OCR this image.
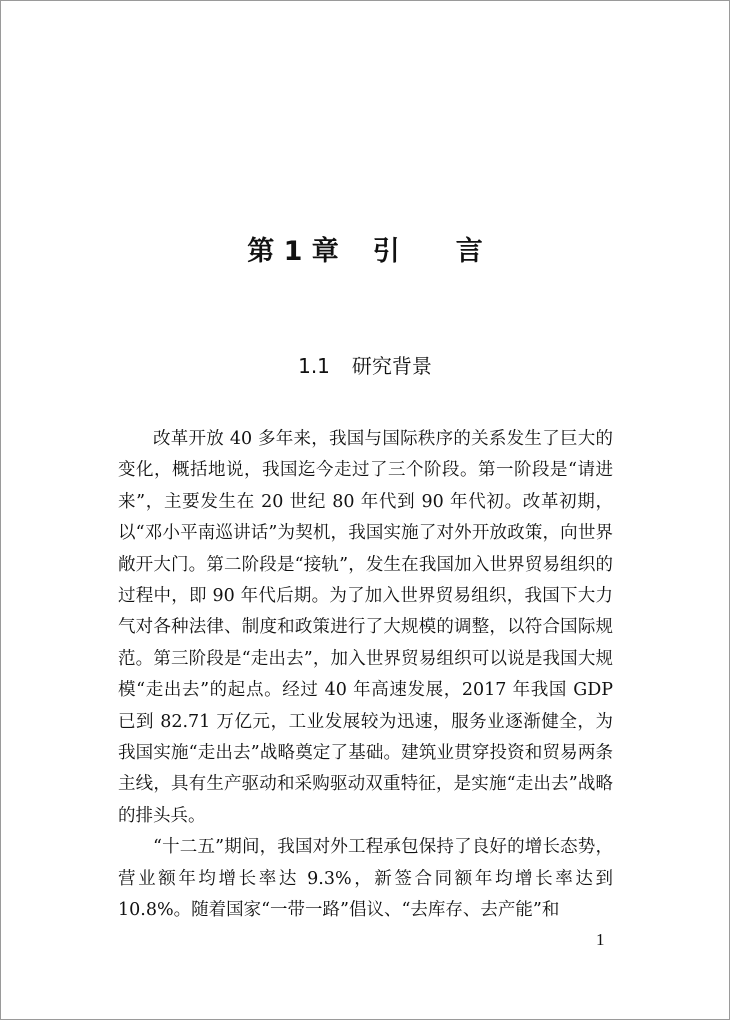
第 1 章 引 言
1.1 研究背景

改革开放 40 多年来，我国与国际秩序的关系发生了巨大的变化，概括地说，我国迄今走过了三个阶段。第一阶段是“请进来”，主要发生在 20 世纪 80 年代到 90 年代初。改革初期，以“邓小平南巡讲话”为契机，我国实施了对外开放政策，向世界敞开大门。第二阶段是“接轨”，发生在我国加入世界贸易组织的过程中，即 90 年代后期。为了加入世界贸易组织，我国下大力气对各种法律、制度和政策进行了大规模的调整，以符合国际规范。第三阶段是“走出去”，加入世界贸易组织可以说是我国大规模“走出去”的起点。经过 40 年高速发展，2017 年我国 GDP 已到 82.71 万亿元，工业发展较为迅速，服务业逐渐健全，为我国实施“走出去”战略奠定了基础。建筑业贯穿投资和贸易两条主线，具有生产驱动和采购驱动双重特征，是实施“走出去”战略的排头兵。

“十二五”期间，我国对外工程承包保持了良好的增长态势，营业额年均增长率达 9.3%，新签合同额年均增长率达到 10.8%。随着国家“一带一路”倡议、“去库存、去产能”和

1
